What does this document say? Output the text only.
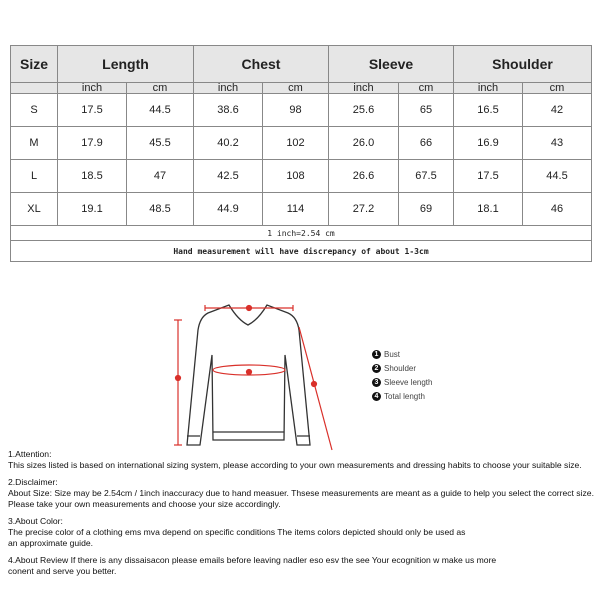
Size	Length		Chest		Sleeve		Shoulder	
	inch	cm	inch	cm	inch	cm	inch	cm
S	17.5	44.5	38.6	98	25.6	65	16.5	42
M	17.9	45.5	40.2	102	26.0	66	16.9	43
L	18.5	47	42.5	108	26.6	67.5	17.5	44.5
XL	19.1	48.5	44.9	114	27.2	69	18.1	46
1 inch=2.54 cm								
Hand measurement will have discrepancy of about 1-3cm								
1 Bust
2 Shoulder
3 Sleeve length
4 Total length

1.Attention:
This sizes listed is based on international sizing system, please according to your own measurements and dressing habits to choose your suitable size.

2.Disclaimer:
About Size: Size may be 2.54cm / 1inch inaccuracy due to hand measuer. Thsese measurements are meant as a guide to help you select the correct size.
Please take your own measurements and choose your size accordingly.

3.About Color:
The precise color of a clothing ems mva depend on specific conditions The items colors depicted should only be used as
an approximate guide.

4.About Review If there is any dissaisacon please emails before leaving nadler eso esv the see Your ecognition w make us more
conent and serve you better.
